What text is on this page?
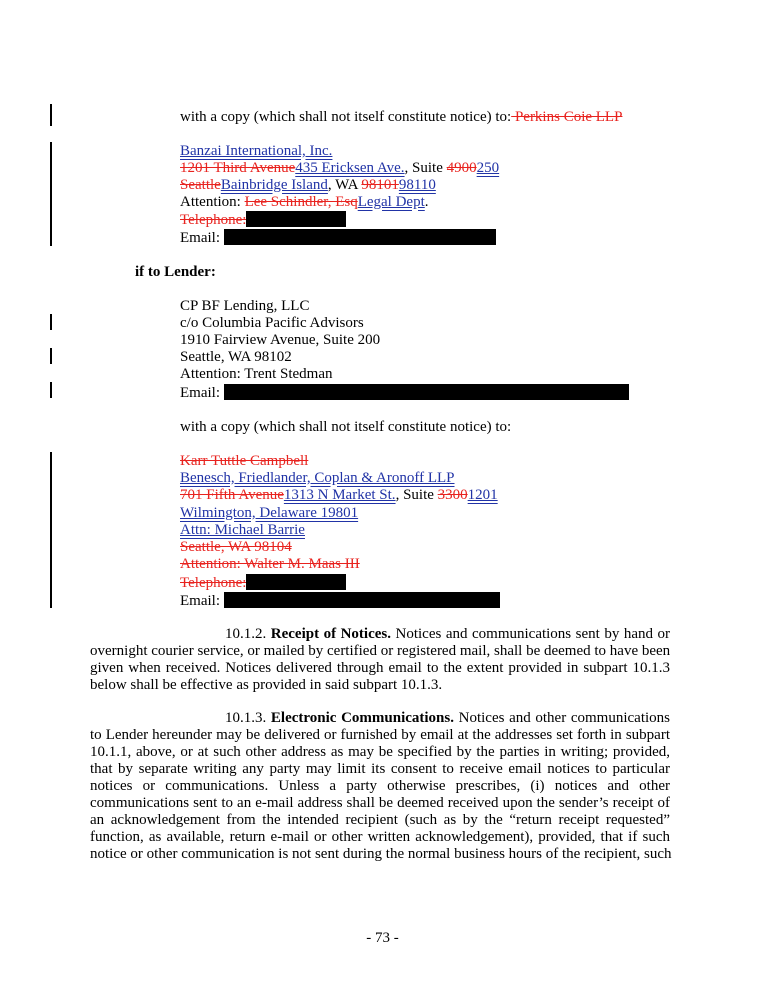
with a copy (which shall not itself constitute notice) to: Perkins Coie LLP
Banzai International, Inc.
1201 Third Avenue435 Ericksen Ave., Suite 4900250
SeattleBainbridge Island, WA 9810198110
Attention: Lee Schindler, EsqLegal Dept.
Telephone:
Email:
if to Lender:
CP BF Lending, LLC
c/o Columbia Pacific Advisors
1910 Fairview Avenue, Suite 200
Seattle, WA 98102
Attention: Trent Stedman
Email:
with a copy (which shall not itself constitute notice) to:
Karr Tuttle Campbell
Benesch, Friedlander, Coplan & Aronoff LLP
701 Fifth Avenue1313 N Market St., Suite 33001201
Wilmington, Delaware 19801
Attn: Michael Barrie
Seattle, WA 98104
Attention: Walter M. Maas III
Telephone:
Email:
10.1.2. Receipt of Notices. Notices and communications sent by hand or
overnight courier service, or mailed by certified or registered mail, shall be deemed to have been
given when received. Notices delivered through email to the extent provided in subpart 10.1.3
below shall be effective as provided in said subpart 10.1.3.
10.1.3. Electronic Communications. Notices and other communications
to Lender hereunder may be delivered or furnished by email at the addresses set forth in subpart
10.1.1, above, or at such other address as may be specified by the parties in writing; provided,
that by separate writing any party may limit its consent to receive email notices to particular
notices or communications. Unless a party otherwise prescribes, (i) notices and other
communications sent to an e-mail address shall be deemed received upon the sender’s receipt of
an acknowledgement from the intended recipient (such as by the “return receipt requested”
function, as available, return e-mail or other written acknowledgement), provided, that if such
notice or other communication is not sent during the normal business hours of the recipient, such
- 73 -
